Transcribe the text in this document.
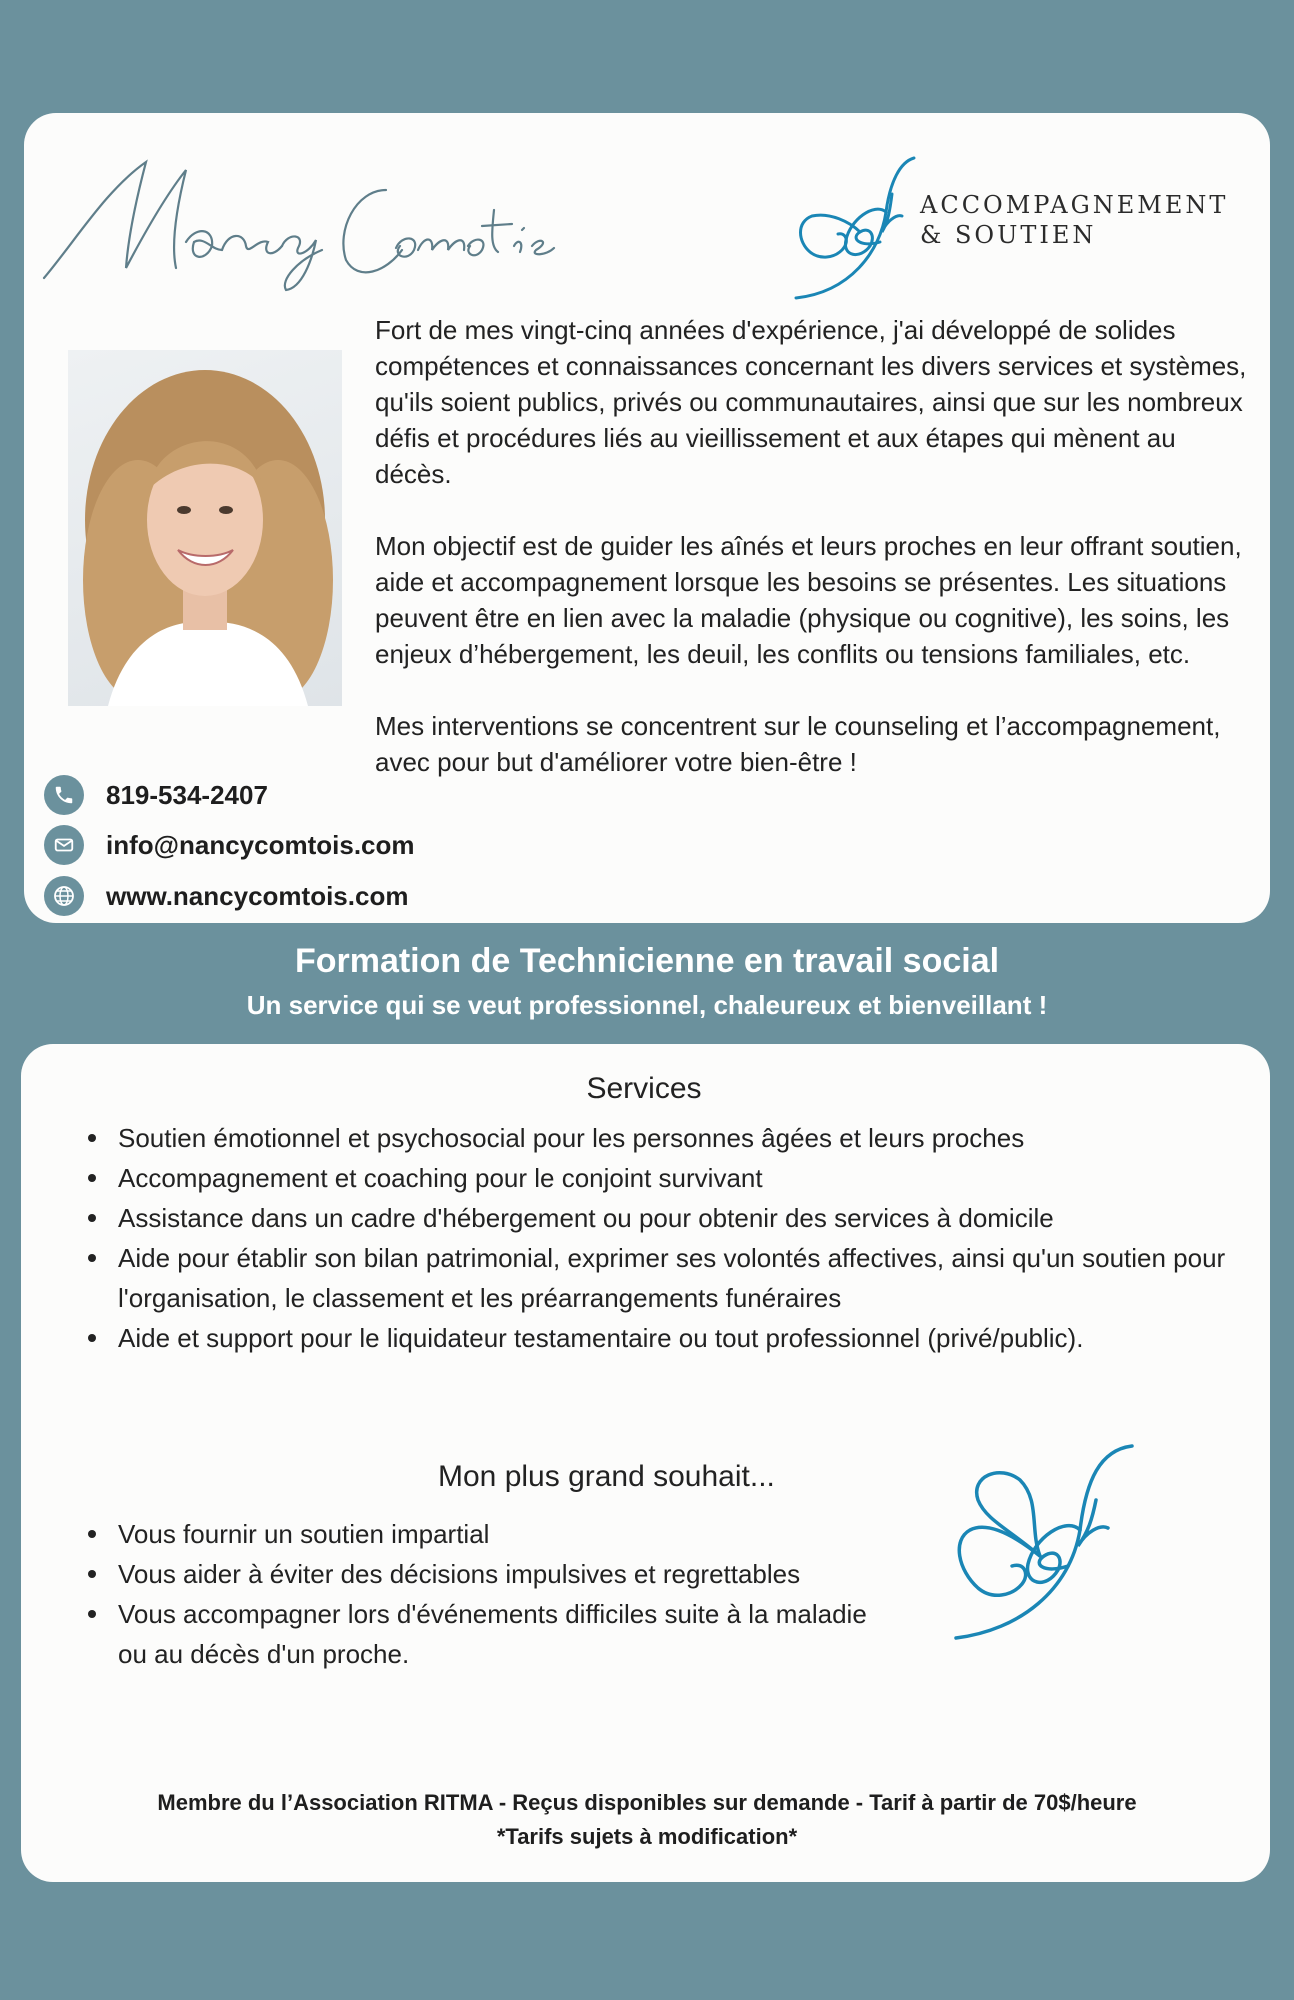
ACCOMPAGNEMENT
& SOUTIEN

Fort de mes vingt-cinq années d'expérience, j'ai développé de solides compétences et connaissances concernant les divers services et systèmes, qu'ils soient publics, privés ou communautaires, ainsi que sur les nombreux défis et procédures liés au vieillissement et aux étapes qui mènent au décès.

Mon objectif est de guider les aînés et leurs proches en leur offrant soutien, aide et accompagnement lorsque les besoins se présentes. Les situations peuvent être en lien avec la maladie (physique ou cognitive), les soins, les enjeux d’hébergement, les deuil, les conflits ou tensions familiales, etc.

Mes interventions se concentrent sur le counseling et l’accompagnement, avec pour but d'améliorer votre bien-être !

819-534-2407
info@nancycomtois.com
www.nancycomtois.com
Formation de Technicienne en travail social
Un service qui se veut professionnel, chaleureux et bienveillant !
Services
Soutien émotionnel et psychosocial pour les personnes âgées et leurs proches
Accompagnement et coaching pour le conjoint survivant
Assistance dans un cadre d'hébergement ou pour obtenir des services à domicile
Aide pour établir son bilan patrimonial, exprimer ses volontés affectives, ainsi qu'un soutien pour l'organisation, le classement et les préarrangements funéraires
Aide et support pour le liquidateur testamentaire ou tout professionnel (privé/public).
Mon plus grand souhait...
Vous fournir un soutien impartial
Vous aider à éviter des décisions impulsives et regrettables
Vous accompagner lors d'événements difficiles suite à la maladie ou au décès d'un proche.
Membre du l’Association RITMA - Reçus disponibles sur demande - Tarif à partir de 70$/heure
*Tarifs sujets à modification*
